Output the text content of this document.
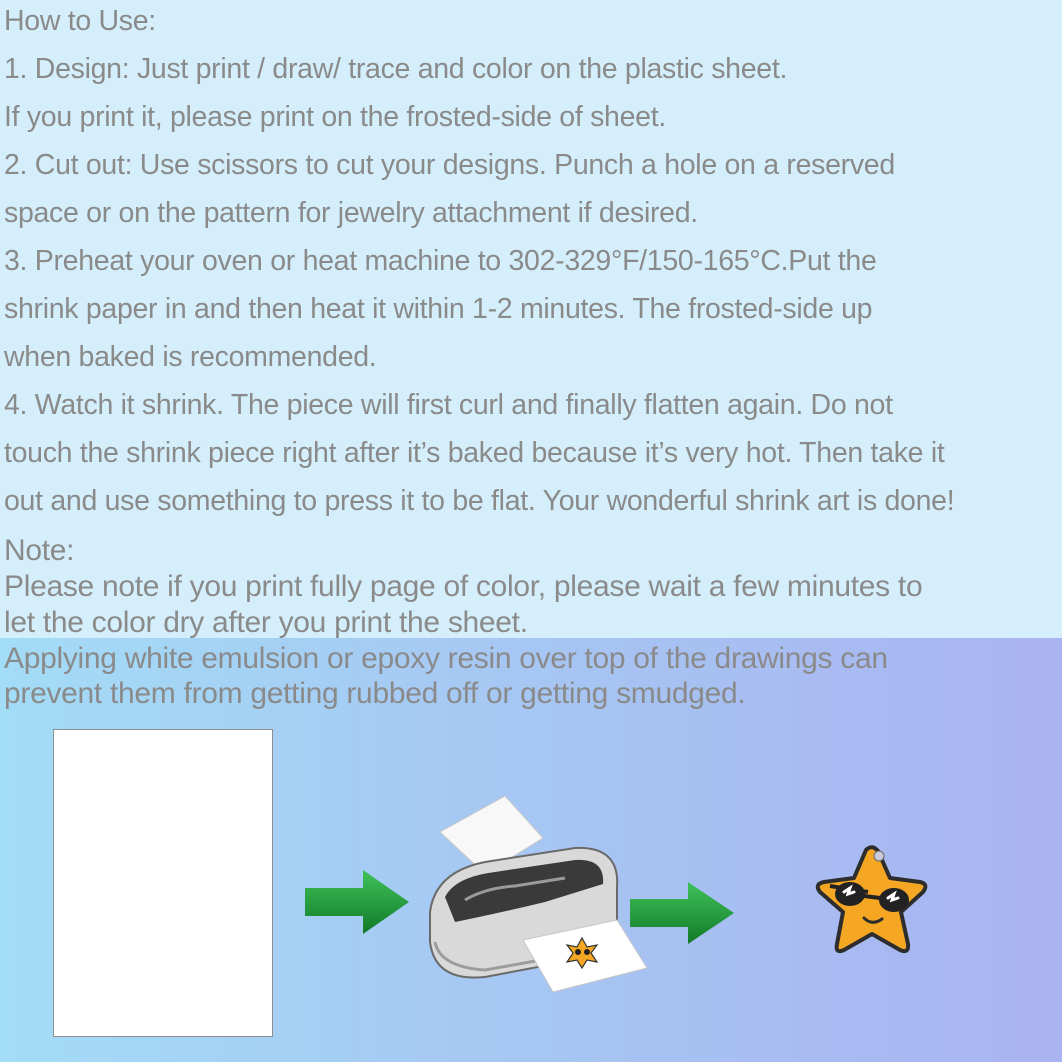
How to Use:

1. Design: Just print / draw/ trace and color on the plastic sheet.

If you print it, please print on the frosted-side of sheet.

2. Cut out: Use scissors to cut your designs. Punch a hole on a reserved

space or on the pattern for jewelry attachment if desired.

3. Preheat your oven or heat machine to 302-329°F/150-165°C.Put the

shrink paper in and then heat it within 1-2 minutes. The frosted-side up

when baked is recommended.

4. Watch it shrink. The piece will first curl and finally flatten again. Do not

touch the shrink piece right after it’s baked because it’s very hot. Then take it

out and use something to press it to be flat. Your wonderful shrink art is done!

Note:

Please note if you print fully page of color, please wait a few minutes to

let the color dry after you print the sheet.

Applying white emulsion or epoxy resin over top of the drawings can

prevent them from getting rubbed off or getting smudged.
